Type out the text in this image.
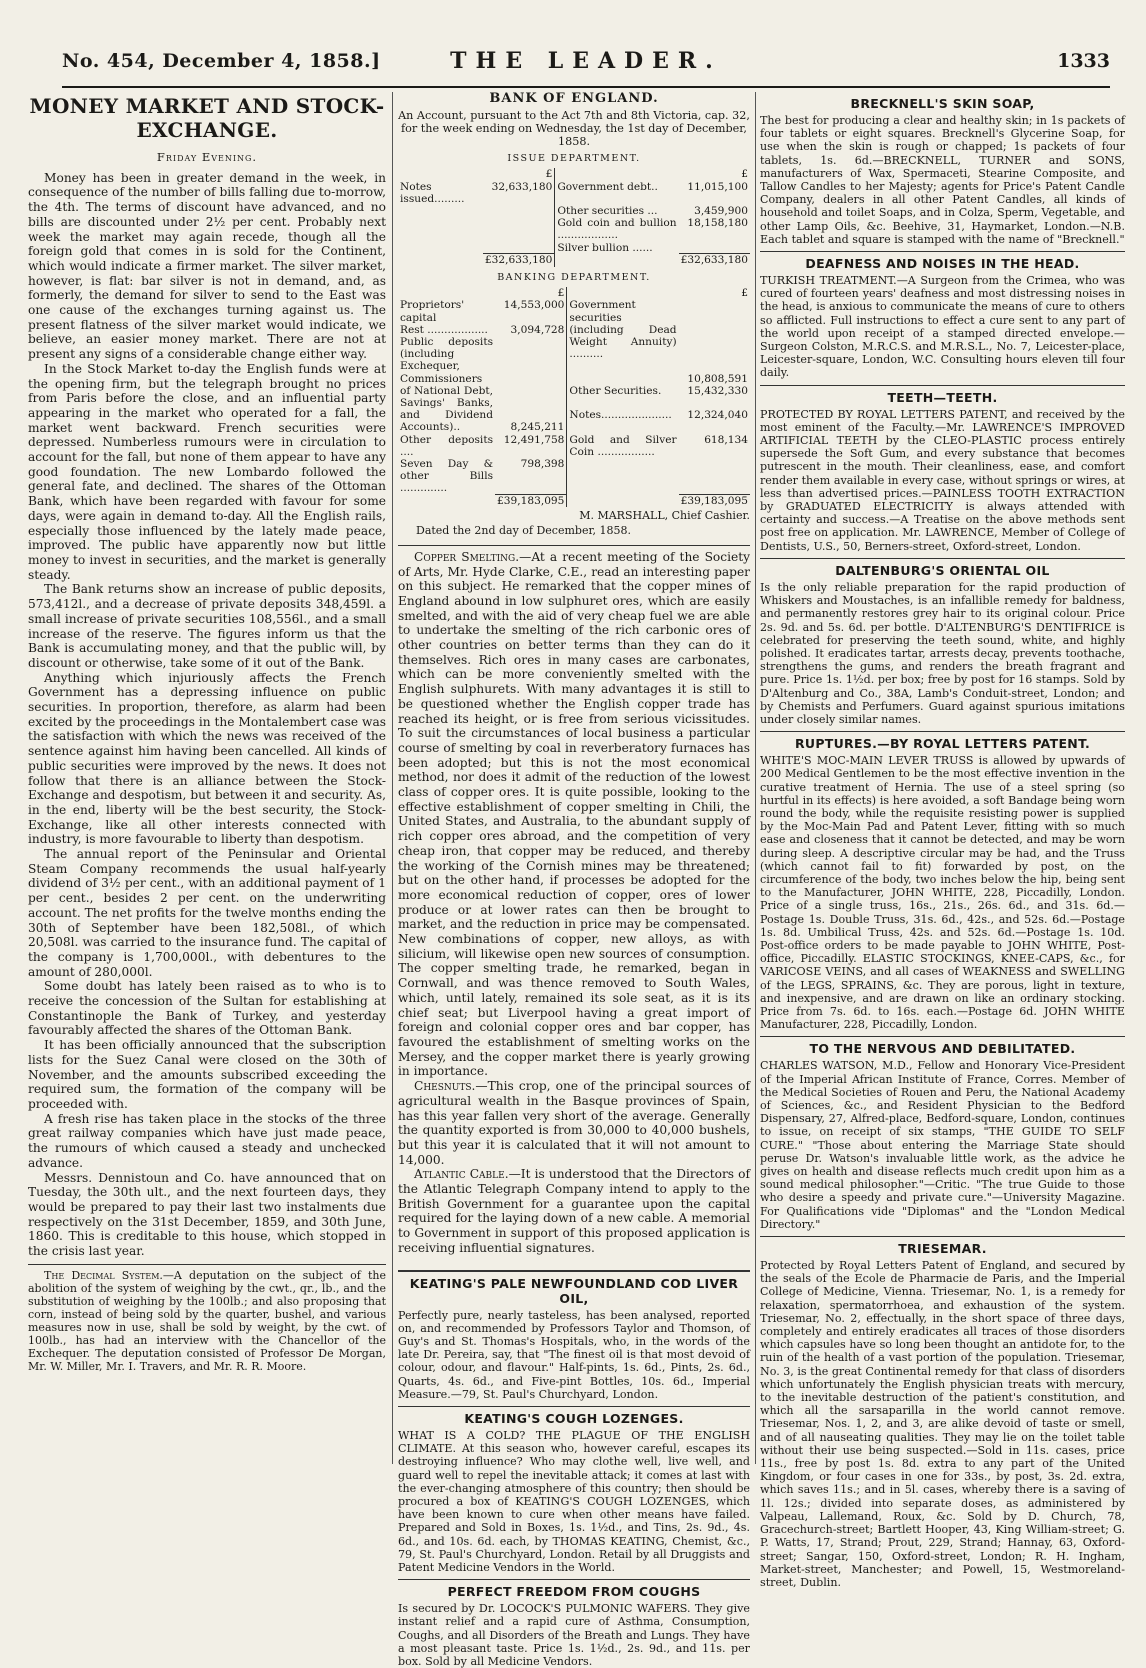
No. 454, December 4, 1858.]	THE LEADER.	1333
MONEY MARKET AND STOCK-EXCHANGE.
Friday Evening.

Money has been in greater demand in the week, in consequence of the number of bills falling due to-morrow, the 4th. The terms of discount have advanced, and no bills are discounted under 2½ per cent. Probably next week the market may again recede, though all the foreign gold that comes in is sold for the Continent, which would indicate a firmer market. The silver market, however, is flat: bar silver is not in demand, and, as formerly, the demand for silver to send to the East was one cause of the exchanges turning against us. The present flatness of the silver market would indicate, we believe, an easier money market. There are not at present any signs of a considerable change either way.

In the Stock Market to-day the English funds were at the opening firm, but the telegraph brought no prices from Paris before the close, and an influential party appearing in the market who operated for a fall, the market went backward. French securities were depressed. Numberless rumours were in circulation to account for the fall, but none of them appear to have any good foundation. The new Lombardo followed the general fate, and declined. The shares of the Ottoman Bank, which have been regarded with favour for some days, were again in demand to-day. All the English rails, especially those influenced by the lately made peace, improved. The public have apparently now but little money to invest in securities, and the market is generally steady.

The Bank returns show an increase of public deposits, 573,412l., and a decrease of private deposits 348,459l. a small increase of private securities 108,556l., and a small increase of the reserve. The figures inform us that the Bank is accumulating money, and that the public will, by discount or otherwise, take some of it out of the Bank.

Anything which injuriously affects the French Government has a depressing influence on public securities. In proportion, therefore, as alarm had been excited by the proceedings in the Montalembert case was the satisfaction with which the news was received of the sentence against him having been cancelled. All kinds of public securities were improved by the news. It does not follow that there is an alliance between the Stock-Exchange and despotism, but between it and security. As, in the end, liberty will be the best security, the Stock-Exchange, like all other interests connected with industry, is more favourable to liberty than despotism.

The annual report of the Peninsular and Oriental Steam Company recommends the usual half-yearly dividend of 3½ per cent., with an additional payment of 1 per cent., besides 2 per cent. on the underwriting account. The net profits for the twelve months ending the 30th of September have been 182,508l., of which 20,508l. was carried to the insurance fund. The capital of the company is 1,700,000l., with debentures to the amount of 280,000l.

Some doubt has lately been raised as to who is to receive the concession of the Sultan for establishing at Constantinople the Bank of Turkey, and yesterday favourably affected the shares of the Ottoman Bank.

It has been officially announced that the subscription lists for the Suez Canal were closed on the 30th of November, and the amounts subscribed exceeding the required sum, the formation of the company will be proceeded with.

A fresh rise has taken place in the stocks of the three great railway companies which have just made peace, the rumours of which caused a steady and unchecked advance.

Messrs. Dennistoun and Co. have announced that on Tuesday, the 30th ult., and the next fourteen days, they would be prepared to pay their last two instalments due respectively on the 31st December, 1859, and 30th June, 1860. This is creditable to this house, which stopped in the crisis last year.

The Decimal System.—A deputation on the subject of the abolition of the system of weighing by the cwt., qr., lb., and the substitution of weighing by the 100lb.; and also proposing that corn, instead of being sold by the quarter, bushel, and various measures now in use, shall be sold by weight, by the cwt. of 100lb., has had an interview with the Chancellor of the Exchequer. The deputation consisted of Professor De Morgan, Mr. W. Miller, Mr. I. Travers, and Mr. R. R. Moore.

BANK OF ENGLAND.

An Account, pursuant to the Act 7th and 8th Victoria, cap. 32, for the week ending on Wednesday, the 1st day of December, 1858.

ISSUE DEPARTMENT.
	£		£
Notes issued.........	32,633,180	Government debt..	11,015,100
		Other securities ...	3,459,900
		Gold coin and bullion ..................	18,158,180
		Silver bullion ......	
	£32,633,180		£32,633,180
BANKING DEPARTMENT.
	£		£
Proprietors' capital	14,553,000	Government securities (including Dead Weight Annuity) ..........	10,808,591
Rest ..................	3,094,728		
Public deposits (including Exchequer, Commissioners of National Debt, Savings' Banks, and Dividend Accounts)..	8,245,211		
		Other Securities.	15,432,330
		Notes.....................	12,324,040
Other deposits ....	12,491,758	Gold and Silver Coin .................	618,134
Seven Day & other Bills ..............	798,398		
	£39,183,095		£39,183,095
M. MARSHALL, Chief Cashier.
Dated the 2nd day of December, 1858.

Copper Smelting.—At a recent meeting of the Society of Arts, Mr. Hyde Clarke, C.E., read an interesting paper on this subject. He remarked that the copper mines of England abound in low sulphuret ores, which are easily smelted, and with the aid of very cheap fuel we are able to undertake the smelting of the rich carbonic ores of other countries on better terms than they can do it themselves. Rich ores in many cases are carbonates, which can be more conveniently smelted with the English sulphurets. With many advantages it is still to be questioned whether the English copper trade has reached its height, or is free from serious vicissitudes. To suit the circumstances of local business a particular course of smelting by coal in reverberatory furnaces has been adopted; but this is not the most economical method, nor does it admit of the reduction of the lowest class of copper ores. It is quite possible, looking to the effective establishment of copper smelting in Chili, the United States, and Australia, to the abundant supply of rich copper ores abroad, and the competition of very cheap iron, that copper may be reduced, and thereby the working of the Cornish mines may be threatened; but on the other hand, if processes be adopted for the more economical reduction of copper, ores of lower produce or at lower rates can then be brought to market, and the reduction in price may be compensated. New combinations of copper, new alloys, as with silicium, will likewise open new sources of consumption. The copper smelting trade, he remarked, began in Cornwall, and was thence removed to South Wales, which, until lately, remained its sole seat, as it is its chief seat; but Liverpool having a great import of foreign and colonial copper ores and bar copper, has favoured the establishment of smelting works on the Mersey, and the copper market there is yearly growing in importance.

Chesnuts.—This crop, one of the principal sources of agricultural wealth in the Basque provinces of Spain, has this year fallen very short of the average. Generally the quantity exported is from 30,000 to 40,000 bushels, but this year it is calculated that it will not amount to 14,000.

Atlantic Cable.—It is understood that the Directors of the Atlantic Telegraph Company intend to apply to the British Government for a guarantee upon the capital required for the laying down of a new cable. A memorial to Government in support of this proposed application is receiving influential signatures.

KEATING'S PALE NEWFOUNDLAND COD LIVER OIL,

Perfectly pure, nearly tasteless, has been analysed, reported on, and recommended by Professors Taylor and Thomson, of Guy's and St. Thomas's Hospitals, who, in the words of the late Dr. Pereira, say, that "The finest oil is that most devoid of colour, odour, and flavour." Half-pints, 1s. 6d., Pints, 2s. 6d., Quarts, 4s. 6d., and Five-pint Bottles, 10s. 6d., Imperial Measure.—79, St. Paul's Churchyard, London.

KEATING'S COUGH LOZENGES.

WHAT IS A COLD? THE PLAGUE OF THE ENGLISH CLIMATE. At this season who, however careful, escapes its destroying influence? Who may clothe well, live well, and guard well to repel the inevitable attack; it comes at last with the ever-changing atmosphere of this country; then should be procured a box of KEATING'S COUGH LOZENGES, which have been known to cure when other means have failed. Prepared and Sold in Boxes, 1s. 1½d., and Tins, 2s. 9d., 4s. 6d., and 10s. 6d. each, by THOMAS KEATING, Chemist, &c., 79, St. Paul's Churchyard, London. Retail by all Druggists and Patent Medicine Vendors in the World.

PERFECT FREEDOM FROM COUGHS

Is secured by Dr. LOCOCK'S PULMONIC WAFERS. They give instant relief and a rapid cure of Asthma, Consumption, Coughs, and all Disorders of the Breath and Lungs. They have a most pleasant taste. Price 1s. 1½d., 2s. 9d., and 11s. per box. Sold by all Medicine Vendors.

BRECKNELL'S SKIN SOAP,

The best for producing a clear and healthy skin; in 1s packets of four tablets or eight squares. Brecknell's Glycerine Soap, for use when the skin is rough or chapped; 1s packets of four tablets, 1s. 6d.—BRECKNELL, TURNER and SONS, manufacturers of Wax, Spermaceti, Stearine Composite, and Tallow Candles to her Majesty; agents for Price's Patent Candle Company, dealers in all other Patent Candles, all kinds of household and toilet Soaps, and in Colza, Sperm, Vegetable, and other Lamp Oils, &c. Beehive, 31, Haymarket, London.—N.B. Each tablet and square is stamped with the name of "Brecknell."

DEAFNESS AND NOISES IN THE HEAD.

TURKISH TREATMENT.—A Surgeon from the Crimea, who was cured of fourteen years' deafness and most distressing noises in the head, is anxious to communicate the means of cure to others so afflicted. Full instructions to effect a cure sent to any part of the world upon receipt of a stamped directed envelope.—Surgeon Colston, M.R.C.S. and M.R.S.L., No. 7, Leicester-place, Leicester-square, London, W.C. Consulting hours eleven till four daily.

TEETH—TEETH.

PROTECTED BY ROYAL LETTERS PATENT, and received by the most eminent of the Faculty.—Mr. LAWRENCE'S IMPROVED ARTIFICIAL TEETH by the CLEO-PLASTIC process entirely supersede the Soft Gum, and every substance that becomes putrescent in the mouth. Their cleanliness, ease, and comfort render them available in every case, without springs or wires, at less than advertised prices.—PAINLESS TOOTH EXTRACTION by GRADUATED ELECTRICITY is always attended with certainty and success.—A Treatise on the above methods sent post free on application. Mr. LAWRENCE, Member of College of Dentists, U.S., 50, Berners-street, Oxford-street, London.

DALTENBURG'S ORIENTAL OIL

Is the only reliable preparation for the rapid production of Whiskers and Moustaches, is an infallible remedy for baldness, and permanently restores grey hair to its original colour. Price 2s. 9d. and 5s. 6d. per bottle. D'ALTENBURG'S DENTIFRICE is celebrated for preserving the teeth sound, white, and highly polished. It eradicates tartar, arrests decay, prevents toothache, strengthens the gums, and renders the breath fragrant and pure. Price 1s. 1½d. per box; free by post for 16 stamps. Sold by D'Altenburg and Co., 38A, Lamb's Conduit-street, London; and by Chemists and Perfumers. Guard against spurious imitations under closely similar names.

RUPTURES.—BY ROYAL LETTERS PATENT.

WHITE'S MOC-MAIN LEVER TRUSS is allowed by upwards of 200 Medical Gentlemen to be the most effective invention in the curative treatment of Hernia. The use of a steel spring (so hurtful in its effects) is here avoided, a soft Bandage being worn round the body, while the requisite resisting power is supplied by the Moc-Main Pad and Patent Lever, fitting with so much ease and closeness that it cannot be detected, and may be worn during sleep. A descriptive circular may be had, and the Truss (which cannot fail to fit) forwarded by post, on the circumference of the body, two inches below the hip, being sent to the Manufacturer, JOHN WHITE, 228, Piccadilly, London. Price of a single truss, 16s., 21s., 26s. 6d., and 31s. 6d.—Postage 1s. Double Truss, 31s. 6d., 42s., and 52s. 6d.—Postage 1s. 8d. Umbilical Truss, 42s. and 52s. 6d.—Postage 1s. 10d. Post-office orders to be made payable to JOHN WHITE, Post-office, Piccadilly. ELASTIC STOCKINGS, KNEE-CAPS, &c., for VARICOSE VEINS, and all cases of WEAKNESS and SWELLING of the LEGS, SPRAINS, &c. They are porous, light in texture, and inexpensive, and are drawn on like an ordinary stocking. Price from 7s. 6d. to 16s. each.—Postage 6d. JOHN WHITE Manufacturer, 228, Piccadilly, London.

TO THE NERVOUS AND DEBILITATED.

CHARLES WATSON, M.D., Fellow and Honorary Vice-President of the Imperial African Institute of France, Corres. Member of the Medical Societies of Rouen and Peru, the National Academy of Sciences, &c., and Resident Physician to the Bedford Dispensary, 27, Alfred-place, Bedford-square, London, continues to issue, on receipt of six stamps, "THE GUIDE TO SELF CURE." "Those about entering the Marriage State should peruse Dr. Watson's invaluable little work, as the advice he gives on health and disease reflects much credit upon him as a sound medical philosopher."—Critic. "The true Guide to those who desire a speedy and private cure."—University Magazine. For Qualifications vide "Diplomas" and the "London Medical Directory."

TRIESEMAR.

Protected by Royal Letters Patent of England, and secured by the seals of the Ecole de Pharmacie de Paris, and the Imperial College of Medicine, Vienna. Triesemar, No. 1, is a remedy for relaxation, spermatorrhoea, and exhaustion of the system. Triesemar, No. 2, effectually, in the short space of three days, completely and entirely eradicates all traces of those disorders which capsules have so long been thought an antidote for, to the ruin of the health of a vast portion of the population. Triesemar, No. 3, is the great Continental remedy for that class of disorders which unfortunately the English physician treats with mercury, to the inevitable destruction of the patient's constitution, and which all the sarsaparilla in the world cannot remove. Triesemar, Nos. 1, 2, and 3, are alike devoid of taste or smell, and of all nauseating qualities. They may lie on the toilet table without their use being suspected.—Sold in 11s. cases, price 11s., free by post 1s. 8d. extra to any part of the United Kingdom, or four cases in one for 33s., by post, 3s. 2d. extra, which saves 11s.; and in 5l. cases, whereby there is a saving of 1l. 12s.; divided into separate doses, as administered by Valpeau, Lallemand, Roux, &c. Sold by D. Church, 78, Gracechurch-street; Bartlett Hooper, 43, King William-street; G. P. Watts, 17, Strand; Prout, 229, Strand; Hannay, 63, Oxford-street; Sangar, 150, Oxford-street, London; R. H. Ingham, Market-street, Manchester; and Powell, 15, Westmoreland-street, Dublin.
